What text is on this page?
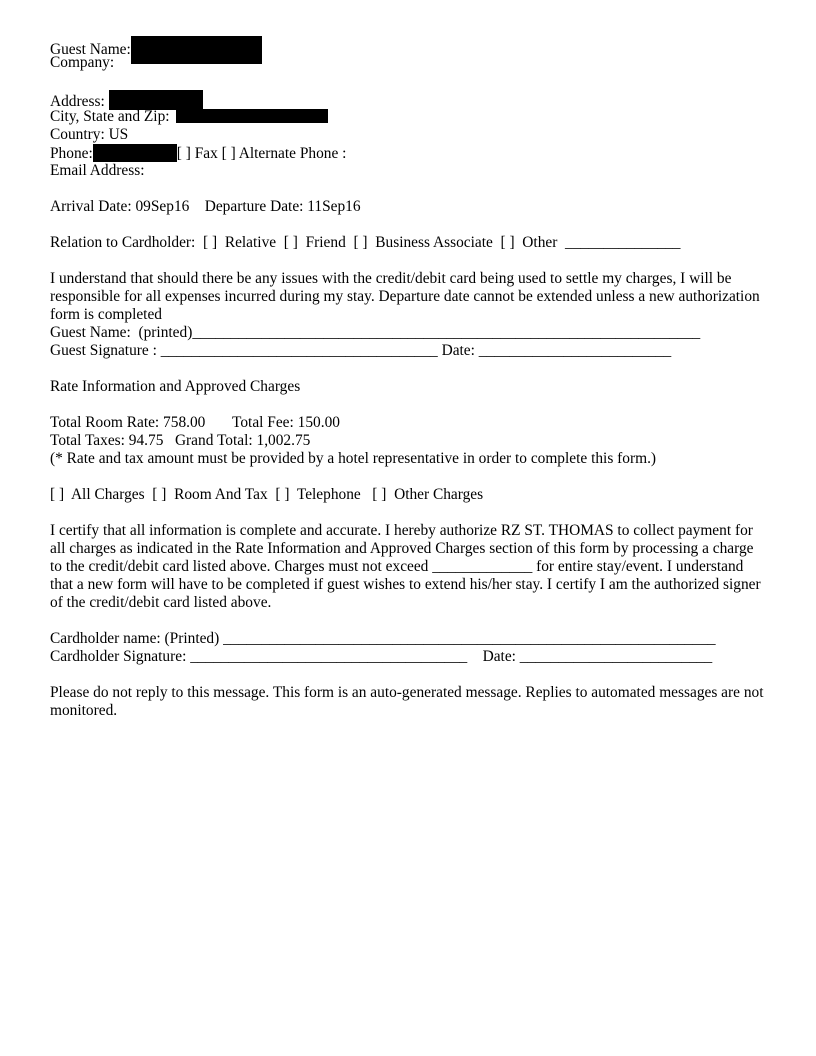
Guest Name:
Company:
Address:
City, State and Zip:
Country: US
Phone:	[ ] Fax [ ] Alternate Phone :
Email Address:
Arrival Date: 09Sep16    Departure Date: 11Sep16
Relation to Cardholder:  [ ]  Relative  [ ]  Friend  [ ]  Business Associate  [ ]  Other  _______________

I understand that should there be any issues with the credit/debit card being used to settle my charges, I will be responsible for all expenses incurred during my stay. Departure date cannot be extended unless a new authorization form is completed

Guest Name:  (printed)__________________________________________________________________
Guest Signature : ____________________________________ Date: _________________________
Rate Information and Approved Charges
Total Room Rate: 758.00       Total Fee: 150.00
Total Taxes: 94.75   Grand Total: 1,002.75
(* Rate and tax amount must be provided by a hotel representative in order to complete this form.)
[ ]  All Charges  [ ]  Room And Tax  [ ]  Telephone   [ ]  Other Charges

I certify that all information is complete and accurate. I hereby authorize RZ ST. THOMAS to collect payment for all charges as indicated in the Rate Information and Approved Charges section of this form by processing a charge to the credit/debit card listed above. Charges must not exceed _____________ for entire stay/event. I understand that a new form will have to be completed if guest wishes to extend his/her stay. I certify I am the authorized signer of the credit/debit card listed above.

Cardholder name: (Printed) ________________________________________________________________
Cardholder Signature: ____________________________________    Date: _________________________

Please do not reply to this message. This form is an auto-generated message. Replies to automated messages are not monitored.
